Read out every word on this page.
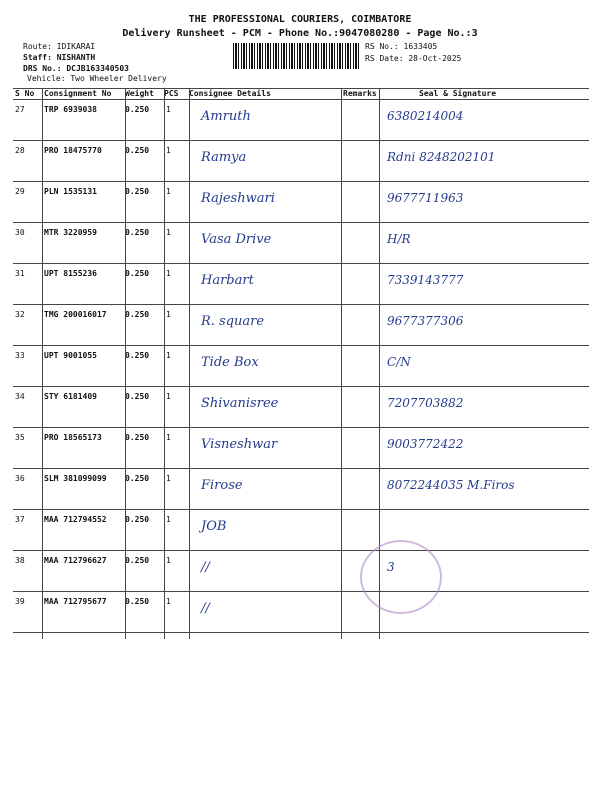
THE PROFESSIONAL COURIERS, COIMBATORE
Delivery Runsheet - PCM - Phone No.:9047080280 - Page No.:3
Route: IDIKARAI
Staff: NISHANTH
DRS No.: DCJB163340503
Vehicle: Two Wheeler Delivery
RS No.: 1633405
RS Date: 28-Oct-2025
S No	Consignment No	Weight	PCS	Consignee Details	Remarks	Seal & Signature
27	TRP 6939038	0.250	1	Amruth		6380214004
28	PRO 18475770	0.250	1	Ramya		Rdni 8248202101
29	PLN 1535131	0.250	1	Rajeshwari		9677711963
30	MTR 3220959	0.250	1	Vasa Drive		H/R
31	UPT 8155236	0.250	1	Harbart		7339143777
32	TMG 200016017	0.250	1	R. square		9677377306
33	UPT 9001055	0.250	1	Tide Box		C/N
34	STY 6181409	0.250	1	Shivanisree		7207703882
35	PRO 18565173	0.250	1	Visneshwar		9003772422
36	SLM 381099099	0.250	1	Firose		8072244035 M.Firos
37	MAA 712794552	0.250	1	JOB		
38	MAA 712796627	0.250	1	//		3
39	MAA 712795677	0.250	1	//		
